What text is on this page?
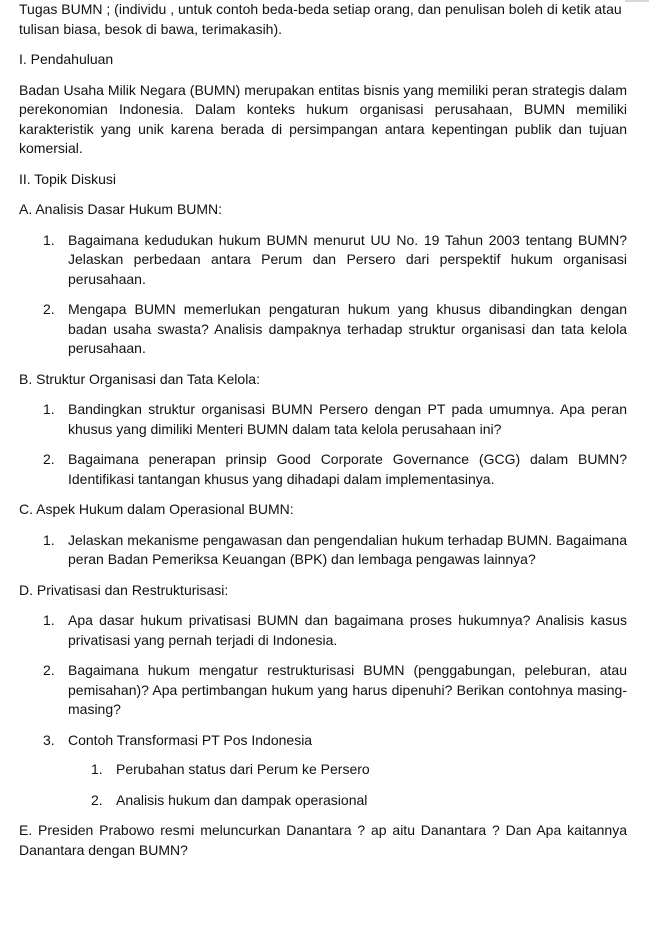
Tugas BUMN ; (individu , untuk contoh beda-beda setiap orang, dan penulisan boleh di ketik atau tulisan biasa, besok di bawa, terimakasih).

I. Pendahuluan

Badan Usaha Milik Negara (BUMN) merupakan entitas bisnis yang memiliki peran strategis dalam perekonomian Indonesia. Dalam konteks hukum organisasi perusahaan, BUMN memiliki karakteristik yang unik karena berada di persimpangan antara kepentingan publik dan tujuan komersial.

II. Topik Diskusi

A. Analisis Dasar Hukum BUMN:

1. Bagaimana kedudukan hukum BUMN menurut UU No. 19 Tahun 2003 tentang BUMN? Jelaskan perbedaan antara Perum dan Persero dari perspektif hukum organisasi perusahaan.
2. Mengapa BUMN memerlukan pengaturan hukum yang khusus dibandingkan dengan badan usaha swasta? Analisis dampaknya terhadap struktur organisasi dan tata kelola perusahaan.

B. Struktur Organisasi dan Tata Kelola:

1. Bandingkan struktur organisasi BUMN Persero dengan PT pada umumnya. Apa peran khusus yang dimiliki Menteri BUMN dalam tata kelola perusahaan ini?
2. Bagaimana penerapan prinsip Good Corporate Governance (GCG) dalam BUMN? Identifikasi tantangan khusus yang dihadapi dalam implementasinya.

C. Aspek Hukum dalam Operasional BUMN:

1. Jelaskan mekanisme pengawasan dan pengendalian hukum terhadap BUMN. Bagaimana peran Badan Pemeriksa Keuangan (BPK) dan lembaga pengawas lainnya?

D. Privatisasi dan Restrukturisasi:

1. Apa dasar hukum privatisasi BUMN dan bagaimana proses hukumnya? Analisis kasus privatisasi yang pernah terjadi di Indonesia.
2. Bagaimana hukum mengatur restrukturisasi BUMN (penggabungan, peleburan, atau pemisahan)? Apa pertimbangan hukum yang harus dipenuhi? Berikan contohnya masing-masing?
3. Contoh Transformasi PT Pos Indonesia
1. Perubahan status dari Perum ke Persero
2. Analisis hukum dan dampak operasional

E. Presiden Prabowo resmi meluncurkan Danantara ? ap aitu Danantara ? Dan Apa kaitannya  Danantara dengan BUMN?
